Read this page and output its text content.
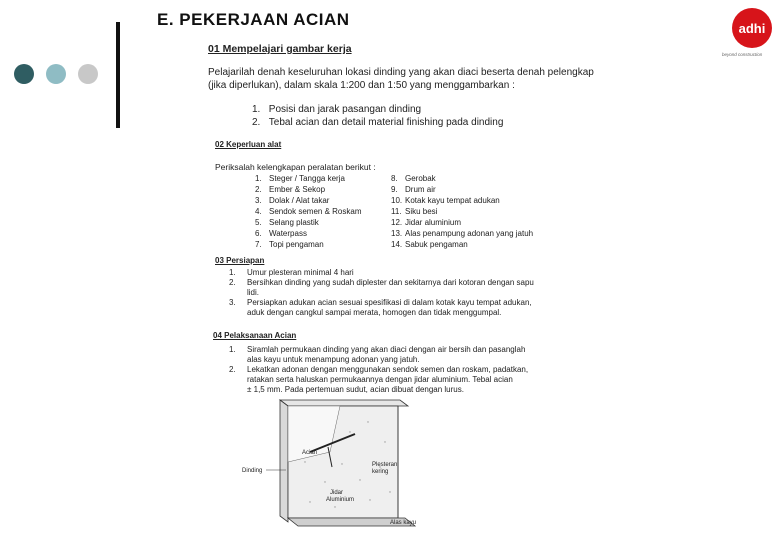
E. PEKERJAAN ACIAN	adhi
beyond construction
01 Mempelajari gambar kerja
Pelajarilah denah keseluruhan lokasi dinding yang akan diaci beserta denah pelengkap
(jika diperlukan), dalam skala 1:200 dan 1:50 yang menggambarkan :
1. Posisi dan jarak pasangan dinding
2. Tebal acian dan detail material finishing pada dinding
02 Keperluan alat
Periksalah kelengkapan peralatan berikut :
1. Steger / Tangga kerja	8. Gerobak
2. Ember & Sekop	9. Drum air
3. Dolak / Alat takar	10. Kotak kayu tempat adukan
4. Sendok semen & Roskam	11. Siku besi
5. Selang plastik	12. Jidar aluminium
6. Waterpass	13. Alas penampung adonan yang jatuh
7. Topi pengaman	14. Sabuk pengaman
03 Persiapan
1.	Umur plesteran minimal 4 hari
2.	Bersihkan dinding yang sudah diplester dan sekitarnya dari kotoran dengan sapu
lidi.
3.	Persiapkan adukan acian sesuai spesifikasi di dalam kotak kayu tempat adukan,
aduk dengan cangkul sampai merata, homogen dan tidak menggumpal.
04 Pelaksanaan Acian
1.	Siramlah permukaan dinding yang akan diaci dengan air bersih dan pasanglah
alas kayu untuk menampung adonan yang jatuh.
2.	Lekatkan adonan dengan menggunakan sendok semen dan roskam, padatkan,
ratakan serta haluskan permukaannya dengan jidar aluminium. Tebal acian
± 1,5 mm. Pada pertemuan sudut, acian dibuat dengan lurus.
Acian
Dinding
Plesteran
kering
Jidar
Aluminium
Alas kayu
